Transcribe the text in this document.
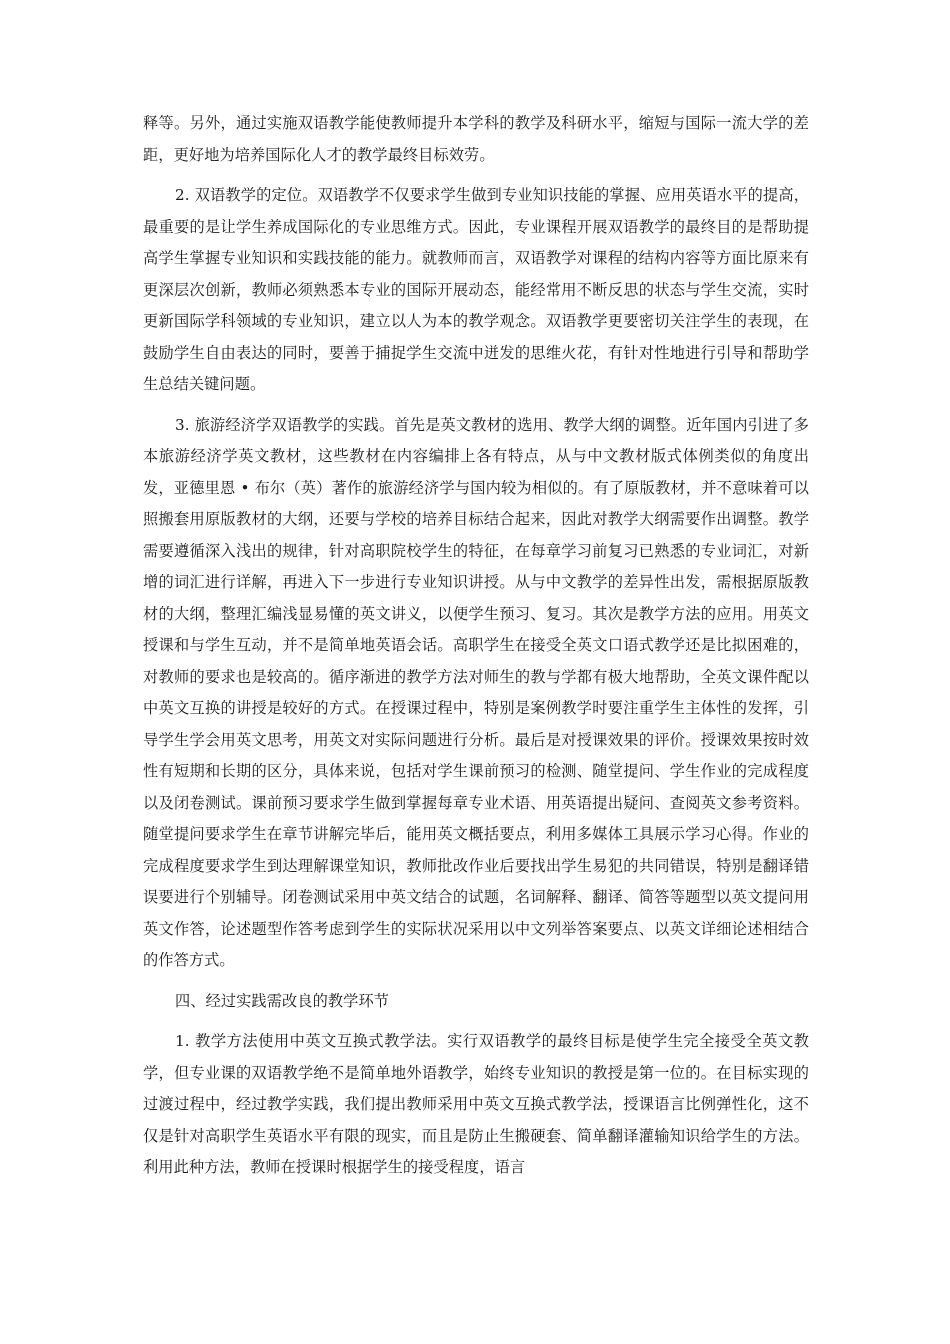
释等。另外，通过实施双语教学能使教师提升本学科的教学及科研水平，缩短与国际一流大学的差距，更好地为培养国际化人才的教学最终目标效劳。

2. 双语教学的定位。双语教学不仅要求学生做到专业知识技能的掌握、应用英语水平的提高，最重要的是让学生养成国际化的专业思维方式。因此，专业课程开展双语教学的最终目的是帮助提高学生掌握专业知识和实践技能的能力。就教师而言，双语教学对课程的结构内容等方面比原来有更深层次创新，教师必须熟悉本专业的国际开展动态，能经常用不断反思的状态与学生交流，实时更新国际学科领域的专业知识，建立以人为本的教学观念。双语教学更要密切关注学生的表现，在鼓励学生自由表达的同时，要善于捕捉学生交流中迸发的思维火花，有针对性地进行引导和帮助学生总结关键问题。

3. 旅游经济学双语教学的实践。首先是英文教材的选用、教学大纲的调整。近年国内引进了多本旅游经济学英文教材，这些教材在内容编排上各有特点，从与中文教材版式体例类似的角度出发，亚德里恩 • 布尔（英）著作的旅游经济学与国内较为相似的。有了原版教材，并不意味着可以照搬套用原版教材的大纲，还要与学校的培养目标结合起来，因此对教学大纲需要作出调整。教学需要遵循深入浅出的规律，针对高职院校学生的特征，在每章学习前复习已熟悉的专业词汇，对新增的词汇进行详解，再进入下一步进行专业知识讲授。从与中文教学的差异性出发，需根据原版教材的大纲，整理汇编浅显易懂的英文讲义，以便学生预习、复习。其次是教学方法的应用。用英文授课和与学生互动，并不是简单地英语会话。高职学生在接受全英文口语式教学还是比拟困难的，对教师的要求也是较高的。循序渐进的教学方法对师生的教与学都有极大地帮助，全英文课件配以中英文互换的讲授是较好的方式。在授课过程中，特别是案例教学时要注重学生主体性的发挥，引导学生学会用英文思考，用英文对实际问题进行分析。最后是对授课效果的评价。授课效果按时效性有短期和长期的区分，具体来说，包括对学生课前预习的检测、随堂提问、学生作业的完成程度以及闭卷测试。课前预习要求学生做到掌握每章专业术语、用英语提出疑问、查阅英文参考资料。随堂提问要求学生在章节讲解完毕后，能用英文概括要点，利用多媒体工具展示学习心得。作业的完成程度要求学生到达理解课堂知识，教师批改作业后要找出学生易犯的共同错误，特别是翻译错误要进行个别辅导。闭卷测试采用中英文结合的试题，名词解释、翻译、简答等题型以英文提问用英文作答，论述题型作答考虑到学生的实际状况采用以中文列举答案要点、以英文详细论述相结合的作答方式。

四、经过实践需改良的教学环节

1. 教学方法使用中英文互换式教学法。实行双语教学的最终目标是使学生完全接受全英文教学，但专业课的双语教学绝不是简单地外语教学，始终专业知识的教授是第一位的。在目标实现的过渡过程中，经过教学实践，我们提出教师采用中英文互换式教学法，授课语言比例弹性化，这不仅是针对高职学生英语水平有限的现实，而且是防止生搬硬套、简单翻译灌输知识给学生的方法。利用此种方法，教师在授课时根据学生的接受程度，语言
